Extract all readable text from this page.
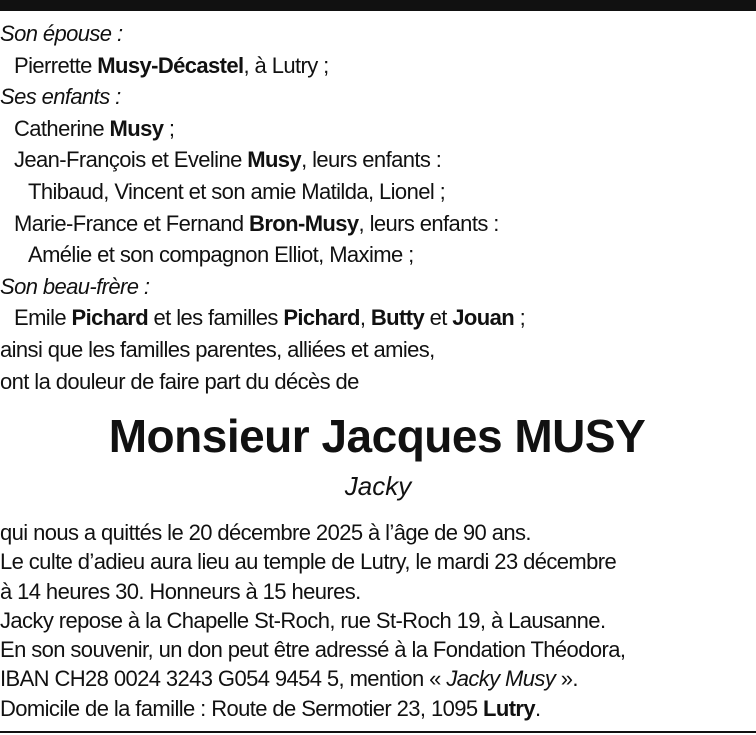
Son épouse :
Pierrette Musy-Décastel, à Lutry ;
Ses enfants :
Catherine Musy ;
Jean-François et Eveline Musy, leurs enfants :
Thibaud, Vincent et son amie Matilda, Lionel ;
Marie-France et Fernand Bron-Musy, leurs enfants :
Amélie et son compagnon Elliot, Maxime ;
Son beau-frère :
Emile Pichard et les familles Pichard, Butty et Jouan ;
ainsi que les familles parentes, alliées et amies,
ont la douleur de faire part du décès de
Monsieur Jacques MUSY
Jacky
qui nous a quittés le 20 décembre 2025 à l’âge de 90 ans.
Le culte d’adieu aura lieu au temple de Lutry, le mardi 23 décembre
à 14 heures 30. Honneurs à 15 heures.
Jacky repose à la Chapelle St-Roch, rue St-Roch 19, à Lausanne.
En son souvenir, un don peut être adressé à la Fondation Théodora,
IBAN CH28 0024 3243 G054 9454 5, mention « Jacky Musy ».
Domicile de la famille : Route de Sermotier 23, 1095 Lutry.
